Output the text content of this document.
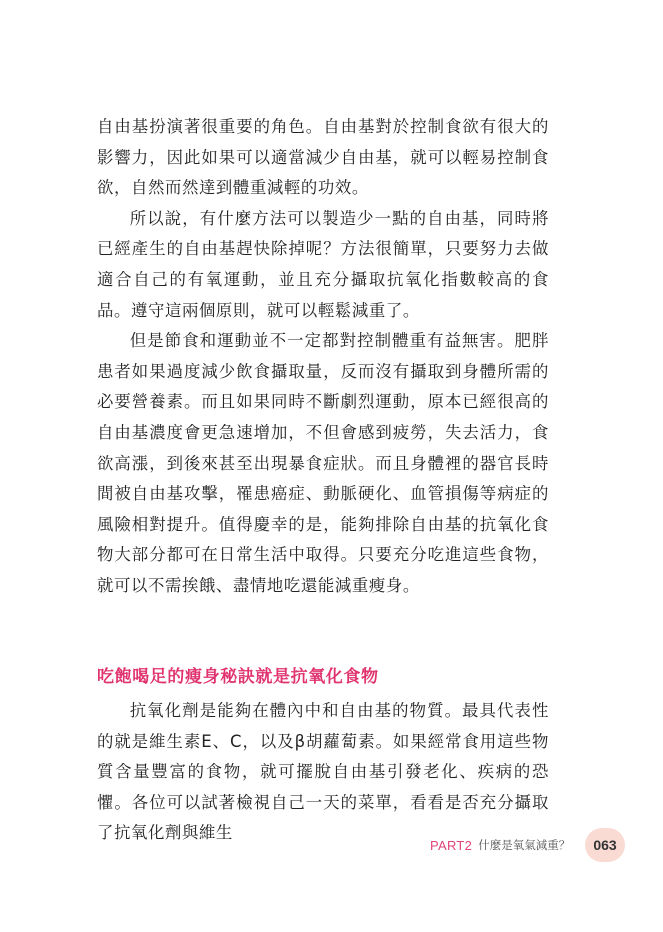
自由基扮演著很重要的角色。自由基對於控制食欲有很大的影響力，因此如果可以適當減少自由基，就可以輕易控制食欲，自然而然達到體重減輕的功效。

所以說，有什麼方法可以製造少一點的自由基，同時將已經產生的自由基趕快除掉呢？方法很簡單，只要努力去做適合自己的有氧運動，並且充分攝取抗氧化指數較高的食品。遵守這兩個原則，就可以輕鬆減重了。

但是節食和運動並不一定都對控制體重有益無害。肥胖患者如果過度減少飲食攝取量，反而沒有攝取到身體所需的必要營養素。而且如果同時不斷劇烈運動，原本已經很高的自由基濃度會更急速增加，不但會感到疲勞，失去活力，食欲高漲，到後來甚至出現暴食症狀。而且身體裡的器官長時間被自由基攻擊，罹患癌症、動脈硬化、血管損傷等病症的風險相對提升。值得慶幸的是，能夠排除自由基的抗氧化食物大部分都可在日常生活中取得。只要充分吃進這些食物，就可以不需挨餓、盡情地吃還能減重瘦身。

吃飽喝足的瘦身秘訣就是抗氧化食物

抗氧化劑是能夠在體內中和自由基的物質。最具代表性的就是維生素E、C，以及β胡蘿蔔素。如果經常食用這些物質含量豐富的食物，就可擺脫自由基引發老化、疾病的恐懼。各位可以試著檢視自己一天的菜單，看看是否充分攝取了抗氧化劑與維生

PART2 什麼是氧氣減重？	063
